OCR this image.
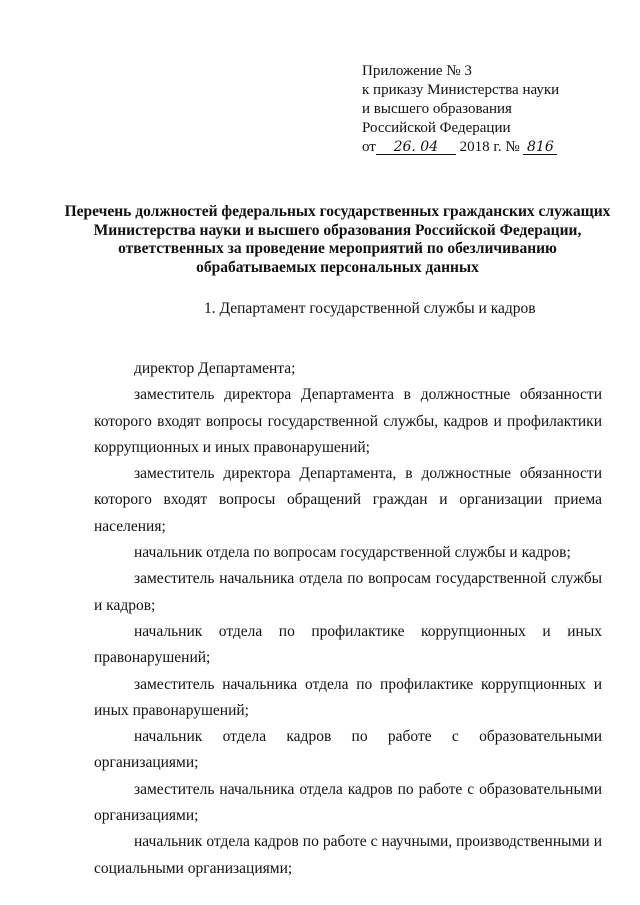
Приложение № 3
к приказу Министерства науки
и высшего образования
Российской Федерации
от 26. 04 2018 г. № 816
Перечень должностей федеральных государственных гражданских служащих Министерства науки и высшего образования Российской Федерации, ответственных за проведение мероприятий по обезличиванию обрабатываемых персональных данных
1. Департамент государственной службы и кадров

директор Департамента;

заместитель директора Департамента в должностные обязанности которого входят вопросы государственной службы, кадров и профилактики коррупционных и иных правонарушений;

заместитель директора Департамента, в должностные обязанности которого входят вопросы обращений граждан и организации приема населения;

начальник отдела по вопросам государственной службы и кадров;

заместитель начальника отдела по вопросам государственной службы и кадров;

начальник отдела по профилактике коррупционных и иных правонарушений;

заместитель начальника отдела по профилактике коррупционных и иных правонарушений;

начальник отдела кадров по работе с образовательными организациями;

заместитель начальника отдела кадров по работе с образовательными организациями;

начальник отдела кадров по работе с научными, производственными и социальными организациями;
